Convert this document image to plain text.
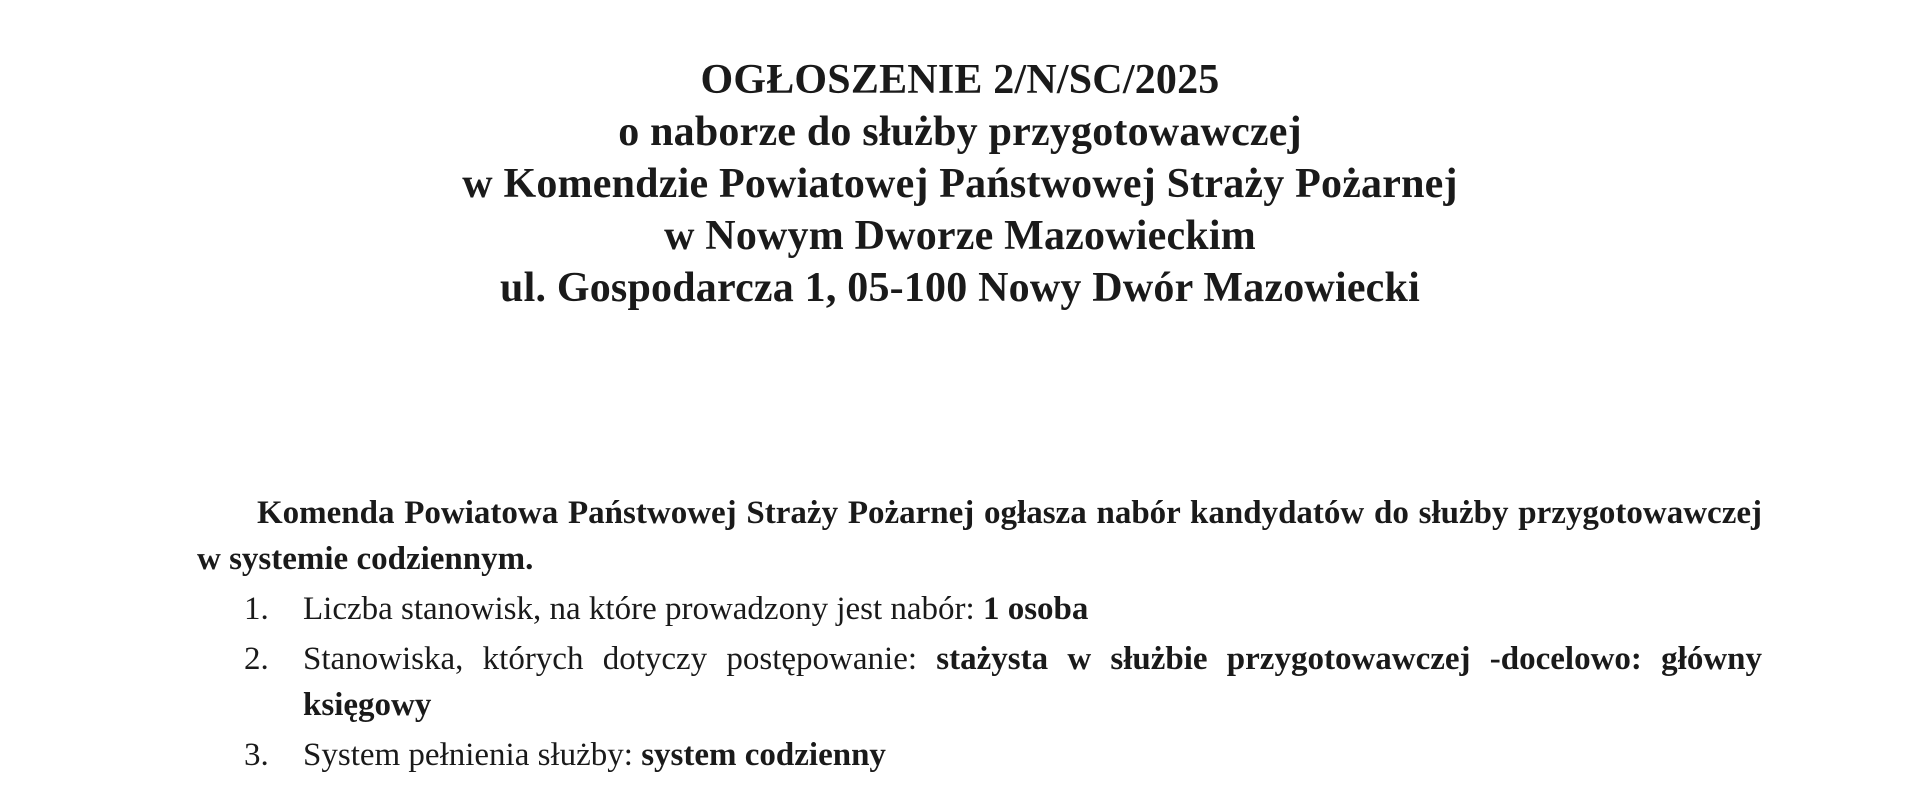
OGŁOSZENIE 2/N/SC/2025
o naborze do służby przygotowawczej
w Komendzie Powiatowej Państwowej Straży Pożarnej
w Nowym Dworze Mazowieckim
ul. Gospodarcza 1, 05-100 Nowy Dwór Mazowiecki

Komenda Powiatowa Państwowej Straży Pożarnej ogłasza nabór kandydatów do służby przygotowawczej w systemie codziennym.

1. Liczba stanowisk, na które prowadzony jest nabór: 1 osoba
2. Stanowiska, których dotyczy postępowanie: stażysta w służbie przygotowawczej -docelowo: główny księgowy
3. System pełnienia służby: system codzienny
